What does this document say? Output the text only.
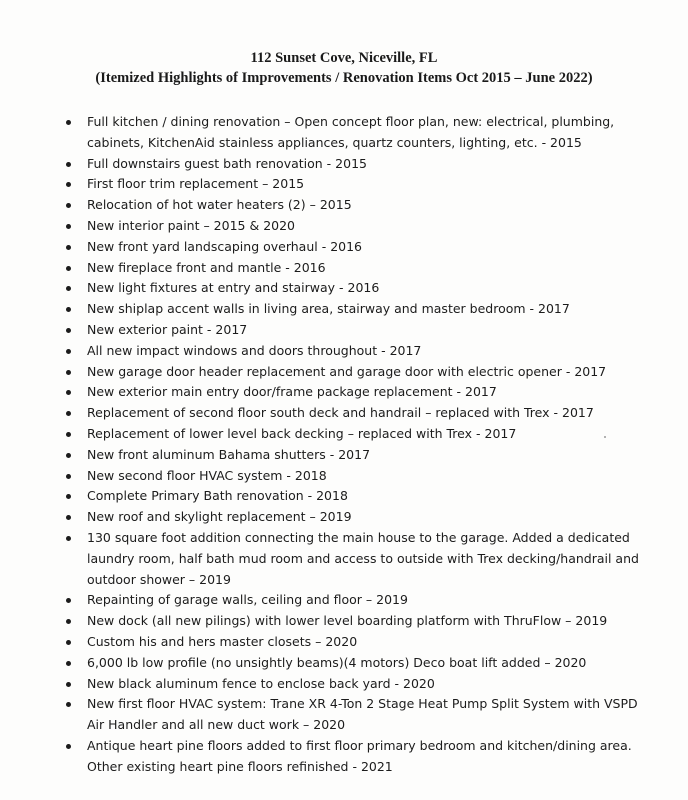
112 Sunset Cove, Niceville, FL
(Itemized Highlights of Improvements / Renovation Items Oct 2015 – June 2022)
Full kitchen / dining renovation – Open concept floor plan, new: electrical, plumbing, cabinets, KitchenAid stainless appliances, quartz counters, lighting, etc. - 2015
Full downstairs guest bath renovation - 2015
First floor trim replacement – 2015
Relocation of hot water heaters (2) – 2015
New interior paint – 2015 & 2020
New front yard landscaping overhaul - 2016
New fireplace front and mantle - 2016
New light fixtures at entry and stairway - 2016
New shiplap accent walls in living area, stairway and master bedroom - 2017
New exterior paint - 2017
All new impact windows and doors throughout - 2017
New garage door header replacement and garage door with electric opener - 2017
New exterior main entry door/frame package replacement - 2017
Replacement of second floor south deck and handrail – replaced with Trex - 2017
Replacement of lower level back decking – replaced with Trex - 2017
New front aluminum Bahama shutters - 2017
New second floor HVAC system - 2018
Complete Primary Bath renovation - 2018
New roof and skylight replacement – 2019
130 square foot addition connecting the main house to the garage. Added a dedicated laundry room, half bath mud room and access to outside with Trex decking/handrail and outdoor shower – 2019
Repainting of garage walls, ceiling and floor – 2019
New dock (all new pilings) with lower level boarding platform with ThruFlow – 2019
Custom his and hers master closets – 2020
6,000 lb low profile (no unsightly beams)(4 motors) Deco boat lift added – 2020
New black aluminum fence to enclose back yard - 2020
New first floor HVAC system: Trane XR 4-Ton 2 Stage Heat Pump Split System with VSPD Air Handler and all new duct work – 2020
Antique heart pine floors added to first floor primary bedroom and kitchen/dining area. Other existing heart pine floors refinished - 2021
